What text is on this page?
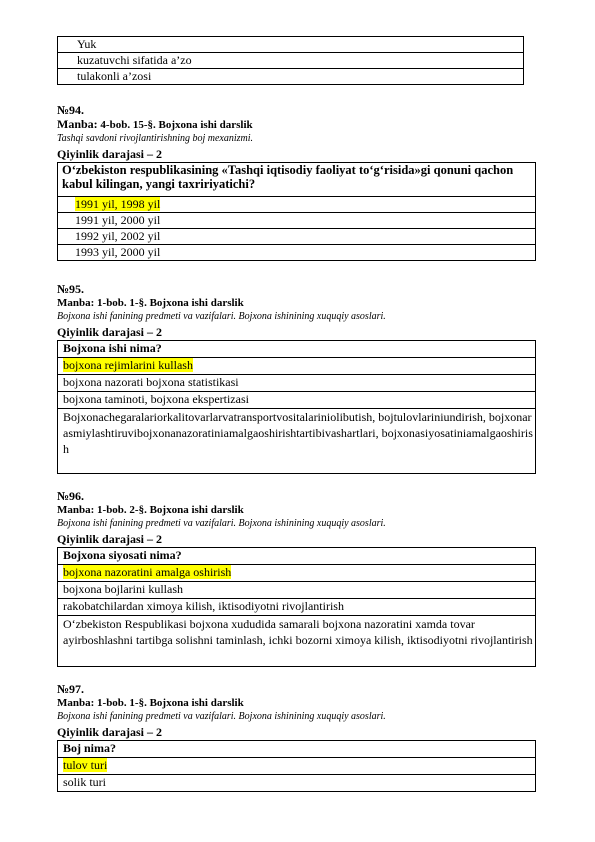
Yuk
kuzatuvchi sifatida a’zo
tulakonli a’zosi
№94.
Manba: 4-bob. 15-§. Bojxona ishi darslik
Tashqi savdoni rivojlantirishning boj mexanizmi.
Qiyinlik darajasi – 2
O‘zbekiston respublikasining «Tashqi iqtisodiy faoliyat to‘g‘risida»gi qonuni qachon kabul kilingan, yangi taxririyatichi?
1991 yil, 1998 yil
1991 yil, 2000 yil
1992 yil, 2002 yil
1993 yil, 2000 yil
№95.
Manba: 1-bob. 1-§. Bojxona ishi darslik
Bojxona ishi fanining predmeti va vazifalari. Bojxona ishinining xuquqiy asoslari.
Qiyinlik darajasi – 2
Bojxona ishi nima?
bojxona rejimlarini kullash
bojxona nazorati bojxona statistikasi
bojxona taminoti, bojxona ekspertizasi
Bojxonachegaralariorkalitovarlarvatransportvositalariniolibutish, bojtulovlariniundirish, bojxonarasmiylashtiruvibojxonanazoratiniamalgaoshirishtartibivashartlari, bojxonasiyosatiniamalgaoshirish
№96.
Manba: 1-bob. 2-§. Bojxona ishi darslik
Bojxona ishi fanining predmeti va vazifalari. Bojxona ishinining xuquqiy asoslari.
Qiyinlik darajasi – 2
Bojxona siyosati nima?
bojxona nazoratini amalga oshirish
bojxona bojlarini kullash
rakobatchilardan ximoya kilish, iktisodiyotni rivojlantirish
O‘zbekiston Respublikasi bojxona xududida samarali bojxona nazoratini xamda tovar ayirboshlashni tartibga solishni taminlash, ichki bozorni ximoya kilish, iktisodiyotni rivojlantirish
№97.
Manba: 1-bob. 1-§. Bojxona ishi darslik
Bojxona ishi fanining predmeti va vazifalari. Bojxona ishinining xuquqiy asoslari.
Qiyinlik darajasi – 2
Boj nima?
tulov turi
solik turi
